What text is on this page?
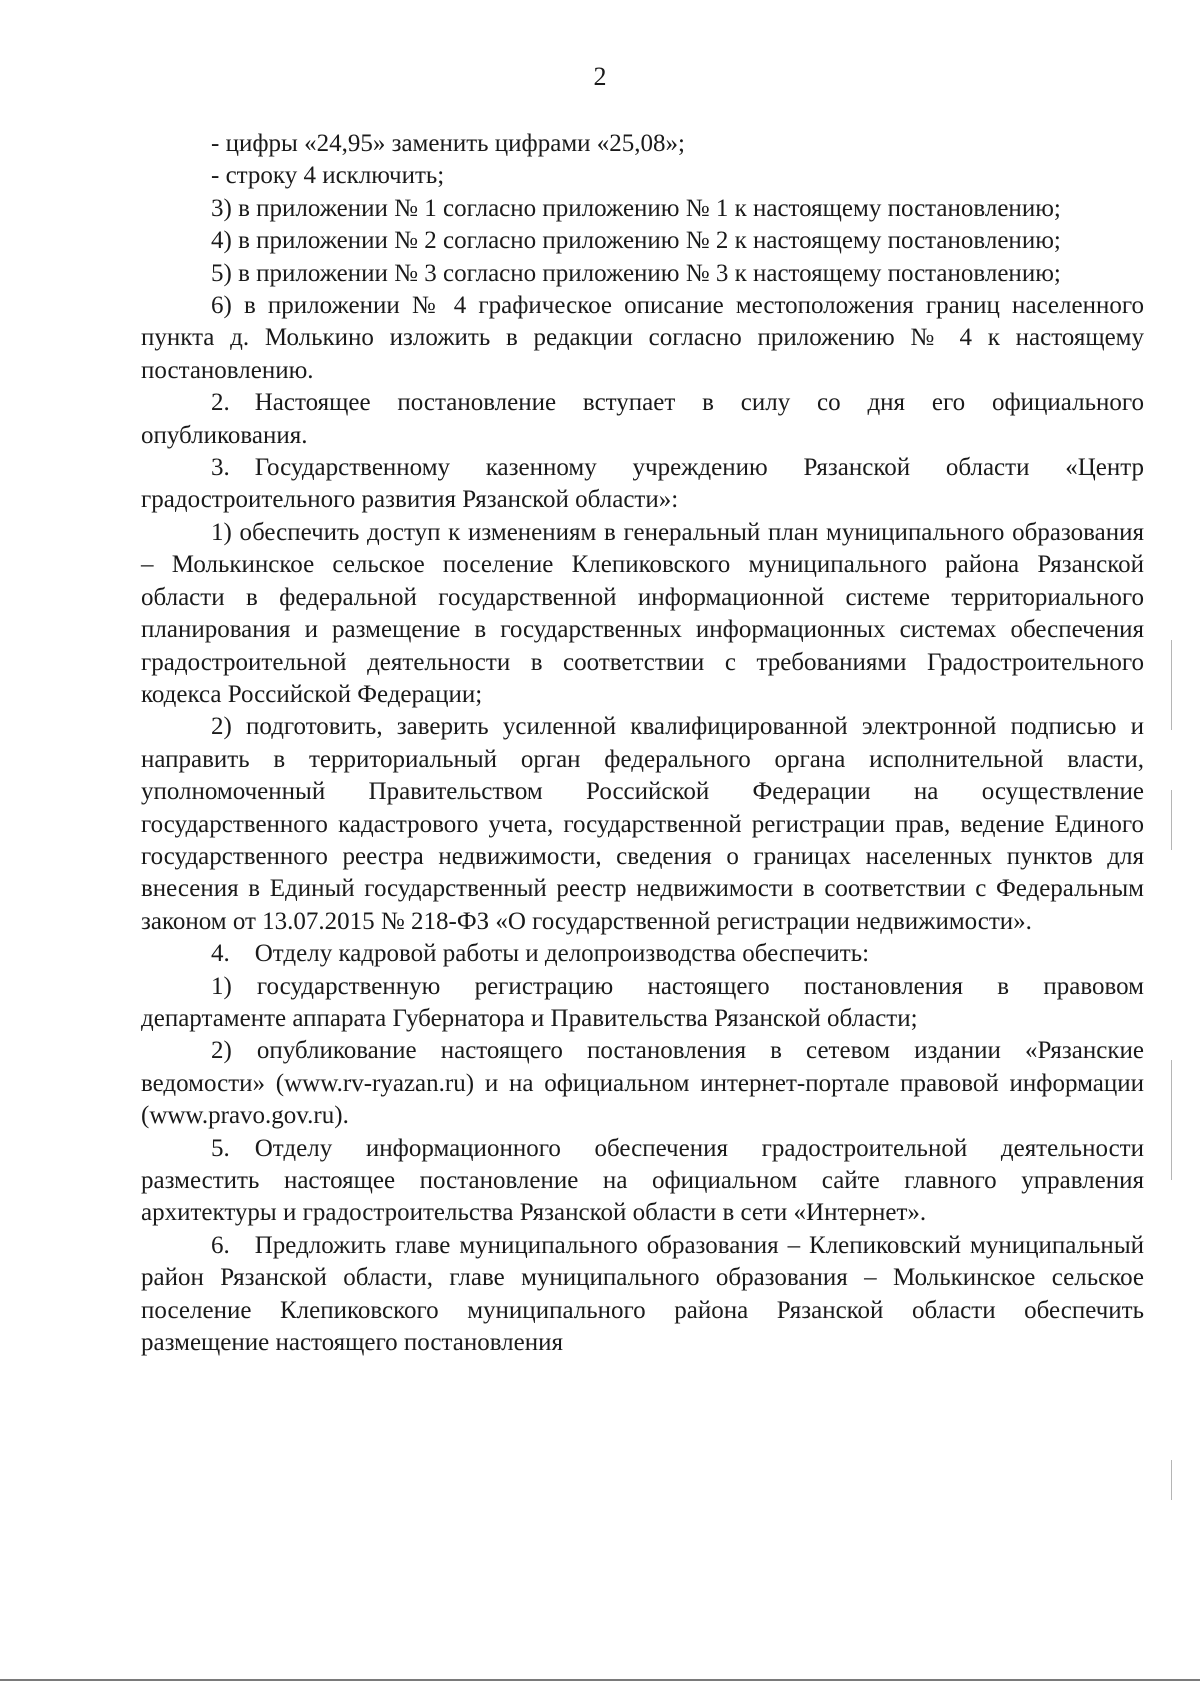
2

- цифры «24,95» заменить цифрами «25,08»;

- строку 4 исключить;

3) в приложении № 1 согласно приложению № 1 к настоящему постановлению;

4) в приложении № 2 согласно приложению № 2 к настоящему постановлению;

5) в приложении № 3 согласно приложению № 3 к настоящему постановлению;

6) в приложении № 4 графическое описание местоположения границ населенного пункта д. Молькино изложить в редакции согласно приложению № 4 к настоящему постановлению.

2. Настоящее постановление вступает в силу со дня его официального опубликования.

3. Государственному казенному учреждению Рязанской области «Центр градостроительного развития Рязанской области»:

1) обеспечить доступ к изменениям в генеральный план муниципального образования – Молькинское сельское поселение Клепиковского муниципального района Рязанской области в федеральной государственной информационной системе территориального планирования и размещение в государственных информационных системах обеспечения градостроительной деятельности в соответствии с требованиями Градостроительного кодекса Российской Федерации;

2) подготовить, заверить усиленной квалифицированной электронной подписью и направить в территориальный орган федерального органа исполнительной власти, уполномоченный Правительством Российской Федерации на осуществление государственного кадастрового учета, государственной регистрации прав, ведение Единого государственного реестра недвижимости, сведения о границах населенных пунктов для внесения в Единый государственный реестр недвижимости в соответствии с Федеральным законом от 13.07.2015 № 218-ФЗ «О государственной регистрации недвижимости».

4. Отделу кадровой работы и делопроизводства обеспечить:

1) государственную регистрацию настоящего постановления в правовом департаменте аппарата Губернатора и Правительства Рязанской области;

2) опубликование настоящего постановления в сетевом издании «Рязанские ведомости» (www.rv-ryazan.ru) и на официальном интернет-портале правовой информации (www.pravo.gov.ru).

5. Отделу информационного обеспечения градостроительной деятельности разместить настоящее постановление на официальном сайте главного управления архитектуры и градостроительства Рязанской области в сети «Интернет».

6. Предложить главе муниципального образования – Клепиковский муниципальный район Рязанской области, главе муниципального образования – Молькинское сельское поселение Клепиковского муниципального района Рязанской области обеспечить размещение настоящего постановления
